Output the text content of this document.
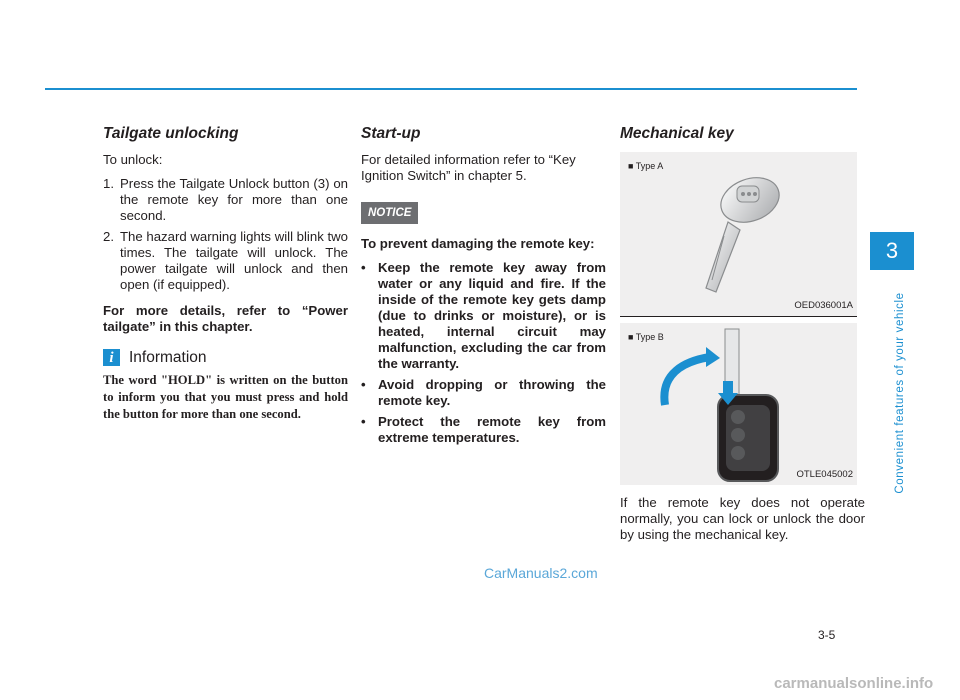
Tailgate unlocking

To unlock:

1. Press the Tailgate Unlock button (3) on the remote key for more than one second.
2. The hazard warning lights will blink two times. The tailgate will unlock. The power tailgate will unlock and then open (if equipped).

For more details, refer to “Power tailgate” in this chapter.

i Information
The word "HOLD" is written on the button to inform you that you must press and hold the button for more than one second.
Start-up

For detailed information refer to “Key Ignition Switch” in chapter 5.

NOTICE

To prevent damaging the remote key:

• Keep the remote key away from water or any liquid and fire. If the inside of the remote key gets damp (due to drinks or moisture), or is heated, internal circuit may malfunction, excluding the car from the warranty.
• Avoid dropping or throwing the remote key.
• Protect the remote key from extreme temperatures.
Mechanical key
■ Type A
OED036001A
■ Type B
OTLE045002

If the remote key does not operate normally, you can lock or unlock the door by using the mechanical key.

3
Convenient features of your vehicle
3-5
CarManuals2.com
carmanualsonline.info
